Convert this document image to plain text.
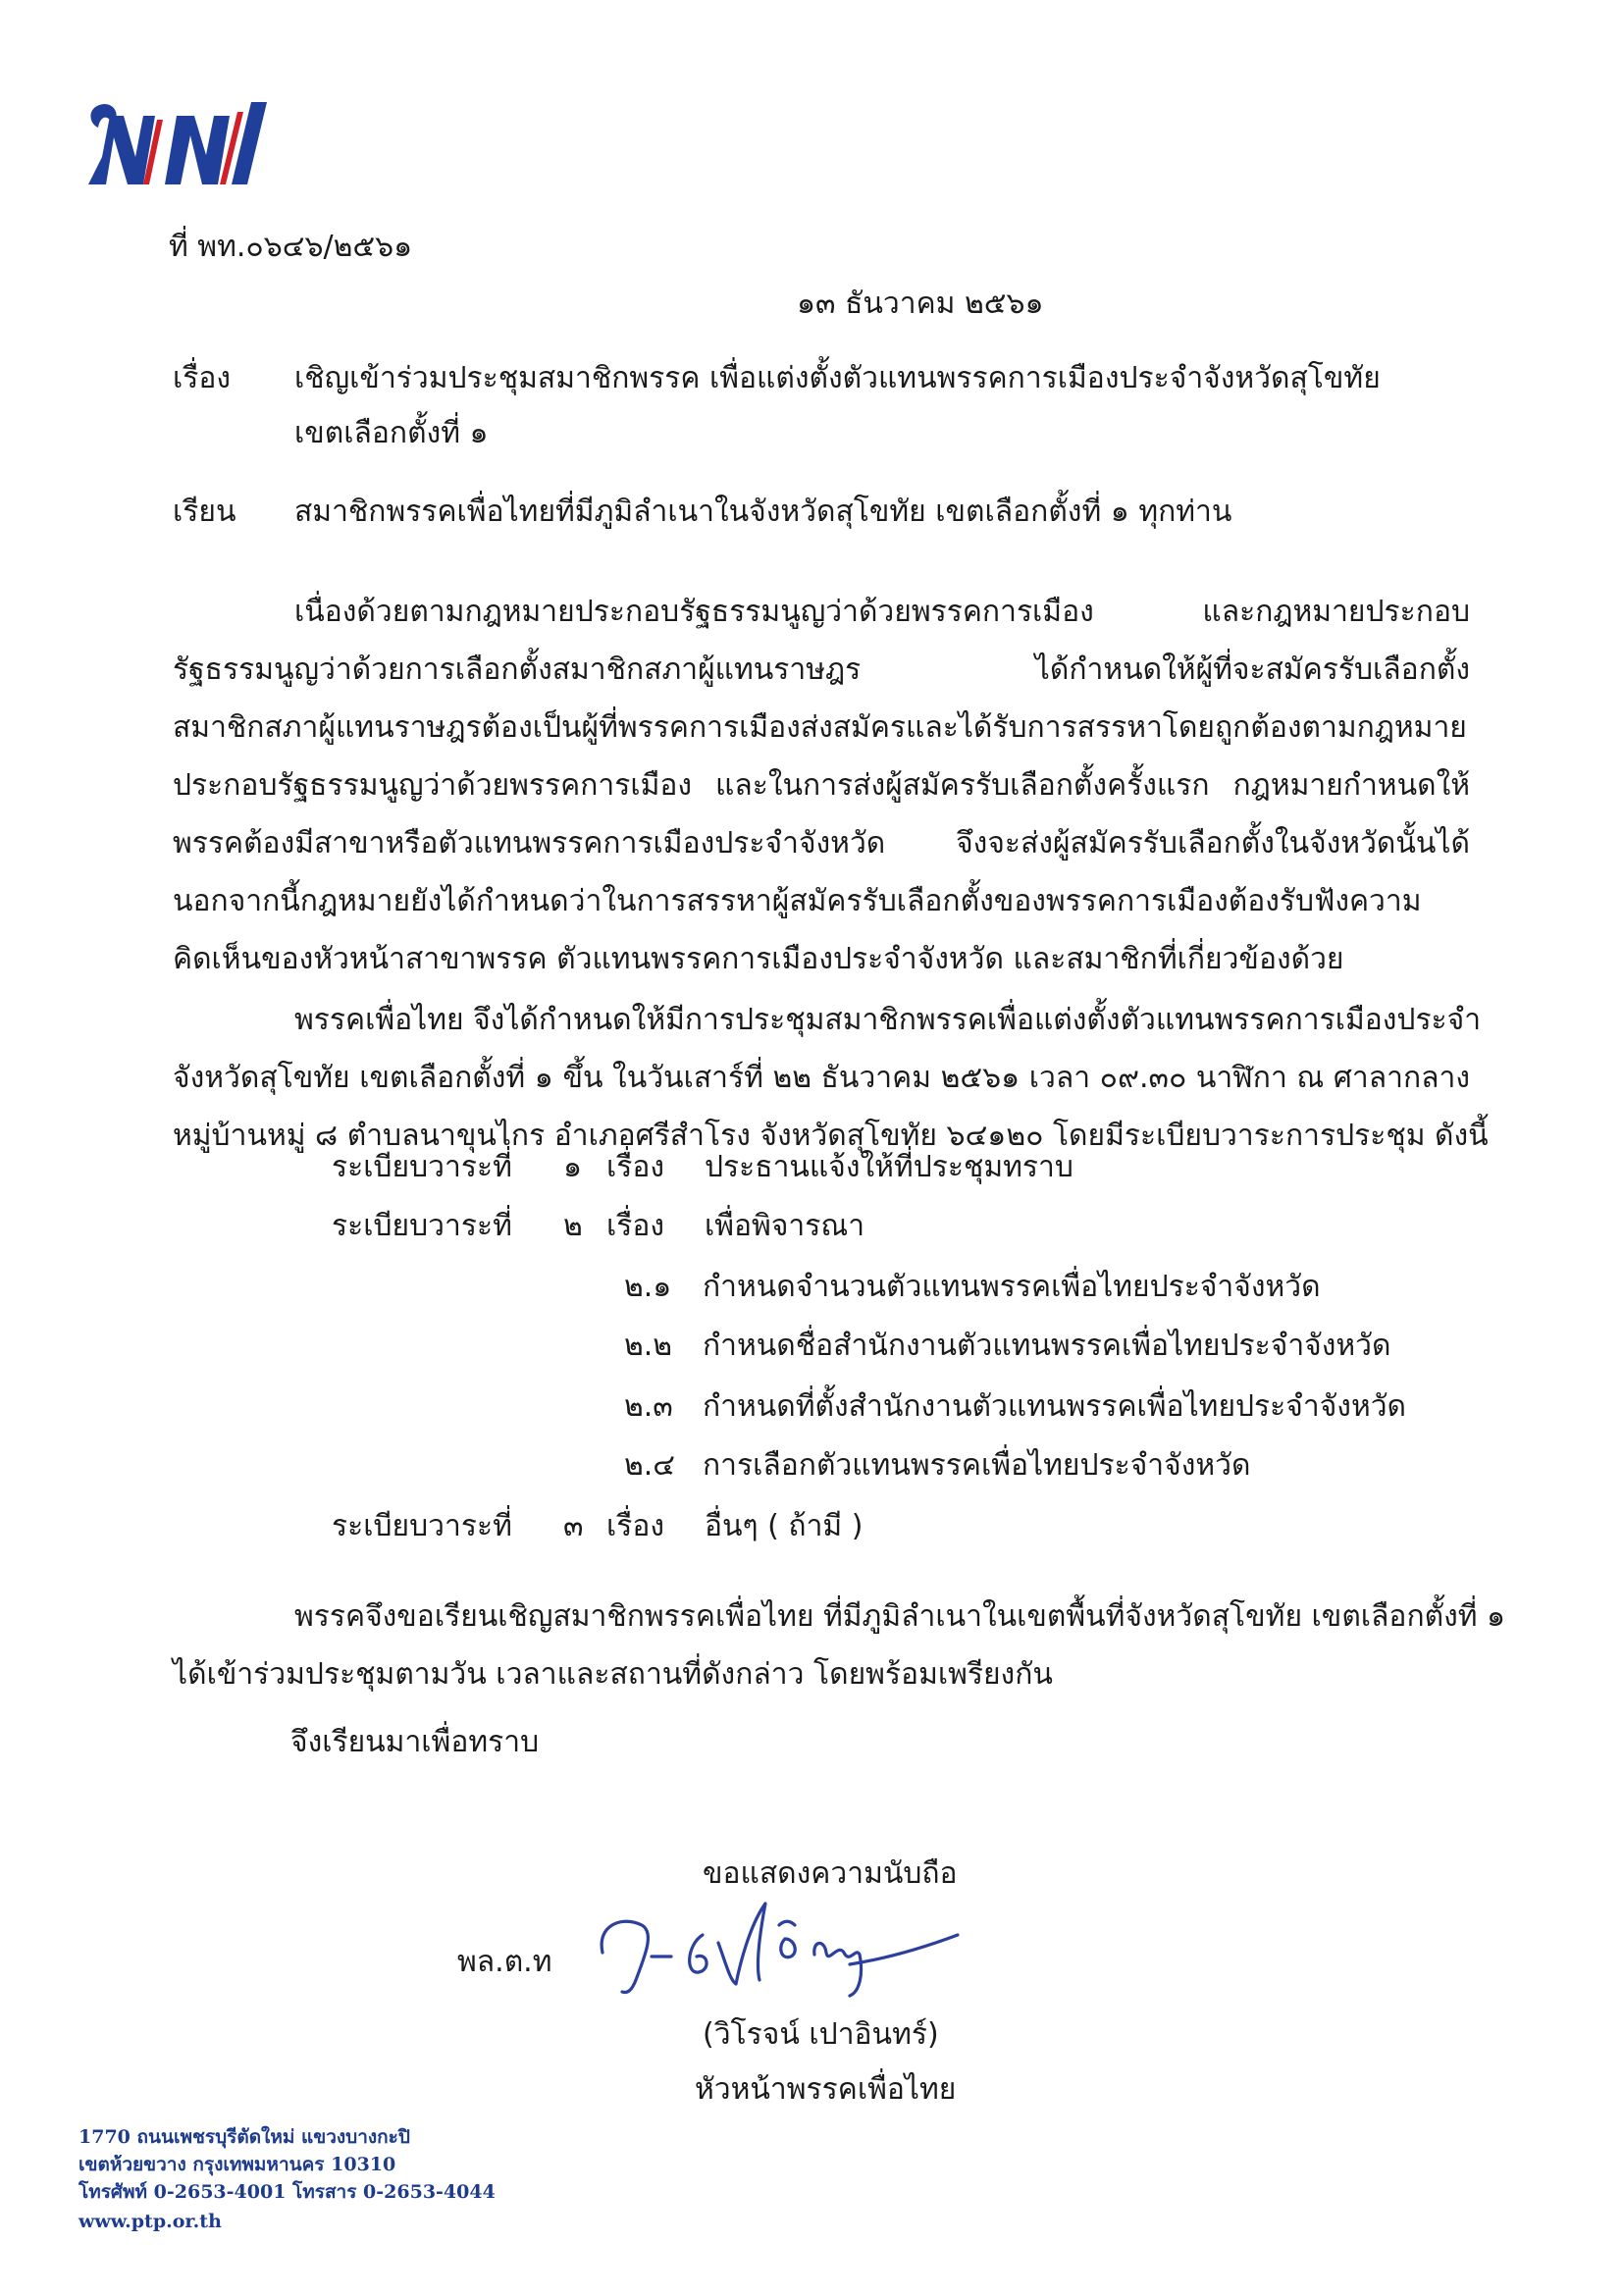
ที่ พท.๐๖๔๖/๒๕๖๑
๑๓ ธันวาคม ๒๕๖๑
เรื่อง เชิญเข้าร่วมประชุมสมาชิกพรรค เพื่อแต่งตั้งตัวแทนพรรคการเมืองประจำจังหวัดสุโขทัย
เขตเลือกตั้งที่ ๑
เรียน สมาชิกพรรคเพื่อไทยที่มีภูมิลำเนาในจังหวัดสุโขทัย เขตเลือกตั้งที่ ๑ ทุกท่าน
เนื่องด้วยตามกฎหมายประกอบรัฐธรรมนูญว่าด้วยพรรคการเมือง และกฎหมายประกอบ
รัฐธรรมนูญว่าด้วยการเลือกตั้งสมาชิกสภาผู้แทนราษฎร ได้กำหนดให้ผู้ที่จะสมัครรับเลือกตั้ง
สมาชิกสภาผู้แทนราษฎรต้องเป็นผู้ที่พรรคการเมืองส่งสมัครและได้รับการสรรหาโดยถูกต้องตามกฎหมาย
ประกอบรัฐธรรมนูญว่าด้วยพรรคการเมือง และในการส่งผู้สมัครรับเลือกตั้งครั้งแรก กฎหมายกำหนดให้
พรรคต้องมีสาขาหรือตัวแทนพรรคการเมืองประจำจังหวัด จึงจะส่งผู้สมัครรับเลือกตั้งในจังหวัดนั้นได้
นอกจากนี้กฎหมายยังได้กำหนดว่าในการสรรหาผู้สมัครรับเลือกตั้งของพรรคการเมืองต้องรับฟังความ
คิดเห็นของหัวหน้าสาขาพรรค ตัวแทนพรรคการเมืองประจำจังหวัด และสมาชิกที่เกี่ยวข้องด้วย
พรรคเพื่อไทย จึงได้กำหนดให้มีการประชุมสมาชิกพรรคเพื่อแต่งตั้งตัวแทนพรรคการเมืองประจำ
จังหวัดสุโขทัย เขตเลือกตั้งที่ ๑ ขึ้น ในวันเสาร์ที่ ๒๒ ธันวาคม ๒๕๖๑ เวลา ๐๙.๓๐ นาฬิกา ณ ศาลากลาง
หมู่บ้านหมู่ ๘ ตำบลนาขุนไกร อำเภอศรีสำโรง จังหวัดสุโขทัย ๖๔๑๒๐ โดยมีระเบียบวาระการประชุม ดังนี้
ระเบียบวาระที่ ๑ เรื่อง ประธานแจ้งให้ที่ประชุมทราบ
ระเบียบวาระที่ ๒ เรื่อง เพื่อพิจารณา
๒.๑ กำหนดจำนวนตัวแทนพรรคเพื่อไทยประจำจังหวัด
๒.๒ กำหนดชื่อสำนักงานตัวแทนพรรคเพื่อไทยประจำจังหวัด
๒.๓ กำหนดที่ตั้งสำนักงานตัวแทนพรรคเพื่อไทยประจำจังหวัด
๒.๔ การเลือกตัวแทนพรรคเพื่อไทยประจำจังหวัด
ระเบียบวาระที่ ๓ เรื่อง อื่นๆ ( ถ้ามี )
พรรคจึงขอเรียนเชิญสมาชิกพรรคเพื่อไทย ที่มีภูมิลำเนาในเขตพื้นที่จังหวัดสุโขทัย เขตเลือกตั้งที่ ๑
ได้เข้าร่วมประชุมตามวัน เวลาและสถานที่ดังกล่าว โดยพร้อมเพรียงกัน
จึงเรียนมาเพื่อทราบ
ขอแสดงความนับถือ
พล.ต.ท
(วิโรจน์ เปาอินทร์)
หัวหน้าพรรคเพื่อไทย
1770 ถนนเพชรบุรีตัดใหม่ แขวงบางกะปิ
เขตห้วยขวาง กรุงเทพมหานคร 10310
โทรศัพท์ 0-2653-4001 โทรสาร 0-2653-4044
www.ptp.or.th
